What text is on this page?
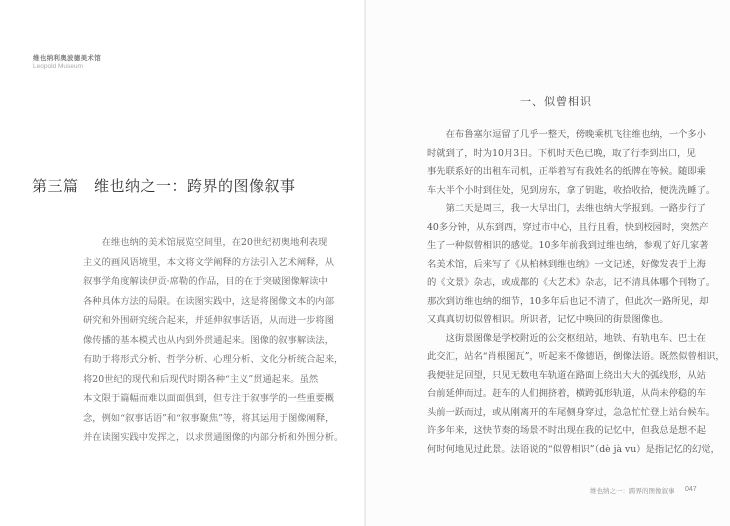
维也纳利奥波德美术馆
Leopold Museum
第三篇　维也纳之一：跨界的图像叙事
在维也纳的美术馆展览空间里，在20世纪初奥地利表现
主义的画风语境里，本文将文学阐释的方法引入艺术阐释，从
叙事学角度解读伊贡·席勒的作品，目的在于突破图像解读中
各种具体方法的局限。在读图实践中，这是将图像文本的内部
研究和外围研究统合起来，并延伸叙事话语，从而进一步将图
像传播的基本模式也从内到外贯通起来。图像的叙事解读法，
有助于将形式分析、哲学分析、心理分析、文化分析统合起来，
将20世纪的现代和后现代时期各种“主义”贯通起来。虽然
本文限于篇幅而难以面面俱到，但专注于叙事学的一些重要概
念，例如“叙事话语”和“叙事聚焦”等，将其运用于图像阐释，
并在读图实践中发挥之，以求贯通图像的内部分析和外围分析。
一、似曾相识
在布鲁塞尔逗留了几乎一整天，傍晚乘机飞往维也纳，一个多小
时就到了，时为10月3日。下机时天色已晚，取了行李到出口，见
事先联系好的出租车司机，正举着写有我姓名的纸牌在等候。随即乘
车大半个小时到住处，见到房东，拿了钥匙，收拾收拾，便洗洗睡了。
第二天是周三，我一大早出门，去维也纳大学报到。一路步行了
40多分钟，从东到西，穿过市中心，且行且看，快到校园时，突然产
生了一种似曾相识的感觉。10多年前我到过维也纳，参观了好几家著
名美术馆，后来写了《从柏林到维也纳》一文记述，好像发表于上海
的《文景》杂志，或成都的《大艺术》杂志，记不清具体哪个刊物了。
那次到访维也纳的细节，10多年后也记不清了，但此次一路所见，却
又真真切切似曾相识。所识者，记忆中唤回的街景图像也。
这街景图像是学校附近的公交枢纽站，地铁、有轨电车、巴士在
此交汇，站名“肖根图瓦”，听起来不像德语，倒像法语。既然似曾相识，
我便驻足回望，只见无数电车轨道在路面上绕出大大的弧线形，从站
台前延伸而过。赶车的人们拥挤着，横跨弧形轨道，从尚未停稳的车
头前一跃而过，或从刚离开的车尾侧身穿过，急急忙忙登上站台候车。
许多年来，这快节奏的场景不时出现在我的记忆中，但我总是想不起
何时何地见过此景。法语说的“似曾相识”（dè jà vu）是指记忆的幻觉，
维也纳之一：跨界的图像叙事 047
